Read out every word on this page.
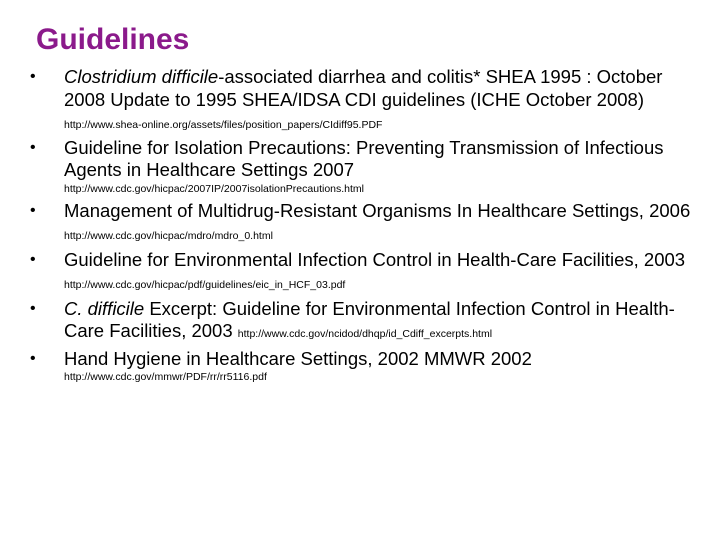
Guidelines
• Clostridium difficile-associated diarrhea and colitis* SHEA 1995 : October 2008 Update to 1995 SHEA/IDSA CDI guidelines (ICHE October 2008) http://www.shea-online.org/assets/files/position_papers/CIdiff95.PDF
• Guideline for Isolation Precautions: Preventing Transmission of Infectious Agents in Healthcare Settings 2007
http://www.cdc.gov/hicpac/2007IP/2007isolationPrecautions.html
• Management of Multidrug-Resistant Organisms In Healthcare Settings, 2006 http://www.cdc.gov/hicpac/mdro/mdro_0.html
• Guideline for Environmental Infection Control in Health-Care Facilities, 2003 http://www.cdc.gov/hicpac/pdf/guidelines/eic_in_HCF_03.pdf
• C. difficile Excerpt: Guideline for Environmental Infection Control in Health-Care Facilities, 2003 http://www.cdc.gov/ncidod/dhqp/id_Cdiff_excerpts.html
• Hand Hygiene in Healthcare Settings, 2002 MMWR 2002
http://www.cdc.gov/mmwr/PDF/rr/rr5116.pdf
